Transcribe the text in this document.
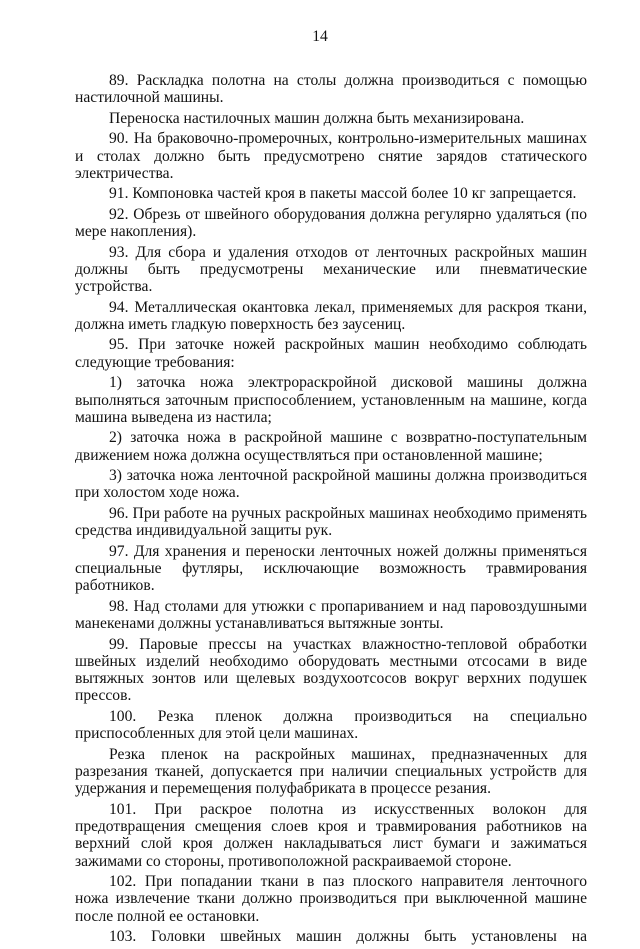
14

89. Раскладка полотна на столы должна производиться с помощью настилочной машины.

Переноска настилочных машин должна быть механизирована.

90. На браковочно-промерочных, контрольно-измерительных машинах и столах должно быть предусмотрено снятие зарядов статического электричества.

91. Компоновка частей кроя в пакеты массой более 10 кг запрещается.

92. Обрезь от швейного оборудования должна регулярно удаляться (по мере накопления).

93. Для сбора и удаления отходов от ленточных раскройных машин должны быть предусмотрены механические или пневматические устройства.

94. Металлическая окантовка лекал, применяемых для раскроя ткани, должна иметь гладкую поверхность без заусениц.

95. При заточке ножей раскройных машин необходимо соблюдать следующие требования:

1) заточка ножа электрораскройной дисковой машины должна выполняться заточным приспособлением, установленным на машине, когда машина выведена из настила;

2) заточка ножа в раскройной машине с возвратно-поступательным движением ножа должна осуществляться при остановленной машине;

3) заточка ножа ленточной раскройной машины должна производиться при холостом ходе ножа.

96. При работе на ручных раскройных машинах необходимо применять средства индивидуальной защиты рук.

97. Для хранения и переноски ленточных ножей должны применяться специальные футляры, исключающие возможность травмирования работников.

98. Над столами для утюжки с пропариванием и над паровоздушными манекенами должны устанавливаться вытяжные зонты.

99. Паровые прессы на участках влажностно-тепловой обработки швейных изделий необходимо оборудовать местными отсосами в виде вытяжных зонтов или щелевых воздухоотсосов вокруг верхних подушек прессов.

100. Резка пленок должна производиться на специально приспособленных для этой цели машинах.

Резка пленок на раскройных машинах, предназначенных для разрезания тканей, допускается при наличии специальных устройств для удержания и перемещения полуфабриката в процессе резания.

101. При раскрое полотна из искусственных волокон для предотвращения смещения слоев кроя и травмирования работников на верхний слой кроя должен накладываться лист бумаги и зажиматься зажимами со стороны, противоположной раскраиваемой стороне.

102. При попадании ткани в паз плоского направителя ленточного ножа извлечение ткани должно производиться при выключенной машине после полной ее остановки.

103. Головки швейных машин должны быть установлены на
